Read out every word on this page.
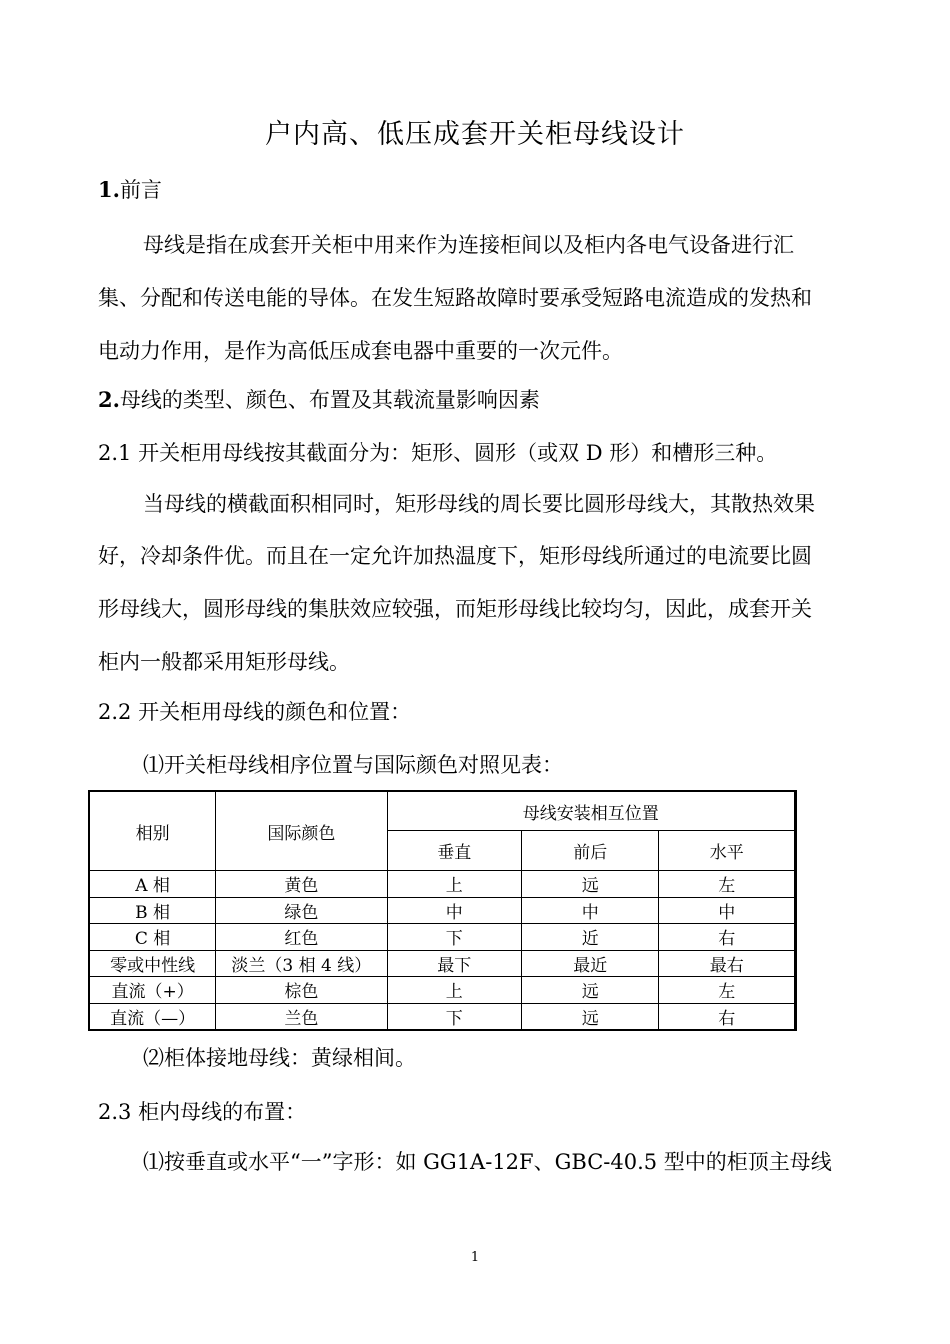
户内高、低压成套开关柜母线设计
1.前言
母线是指在成套开关柜中用来作为连接柜间以及柜内各电气设备进行汇
集、分配和传送电能的导体。在发生短路故障时要承受短路电流造成的发热和
电动力作用，是作为高低压成套电器中重要的一次元件。
2.母线的类型、颜色、布置及其载流量影响因素
2.1 开关柜用母线按其截面分为：矩形、圆形（或双 D 形）和槽形三种。
当母线的横截面积相同时，矩形母线的周长要比圆形母线大，其散热效果
好，冷却条件优。而且在一定允许加热温度下，矩形母线所通过的电流要比圆
形母线大，圆形母线的集肤效应较强，而矩形母线比较均匀，因此，成套开关
柜内一般都采用矩形母线。
2.2 开关柜用母线的颜色和位置：
⑴开关柜母线相序位置与国际颜色对照见表：
相别	国际颜色	母线安装相互位置		
		垂直	前后	水平
A 相	黄色	上	远	左
B 相	绿色	中	中	中
C 相	红色	下	近	右
零或中性线	淡兰（3 相 4 线）	最下	最近	最右
直流（+）	棕色	上	远	左
直流（—）	兰色	下	远	右
⑵柜体接地母线：黄绿相间。
2.3 柜内母线的布置：
⑴按垂直或水平“一”字形：如 GG1A-12F、GBC-40.5 型中的柜顶主母线
1
